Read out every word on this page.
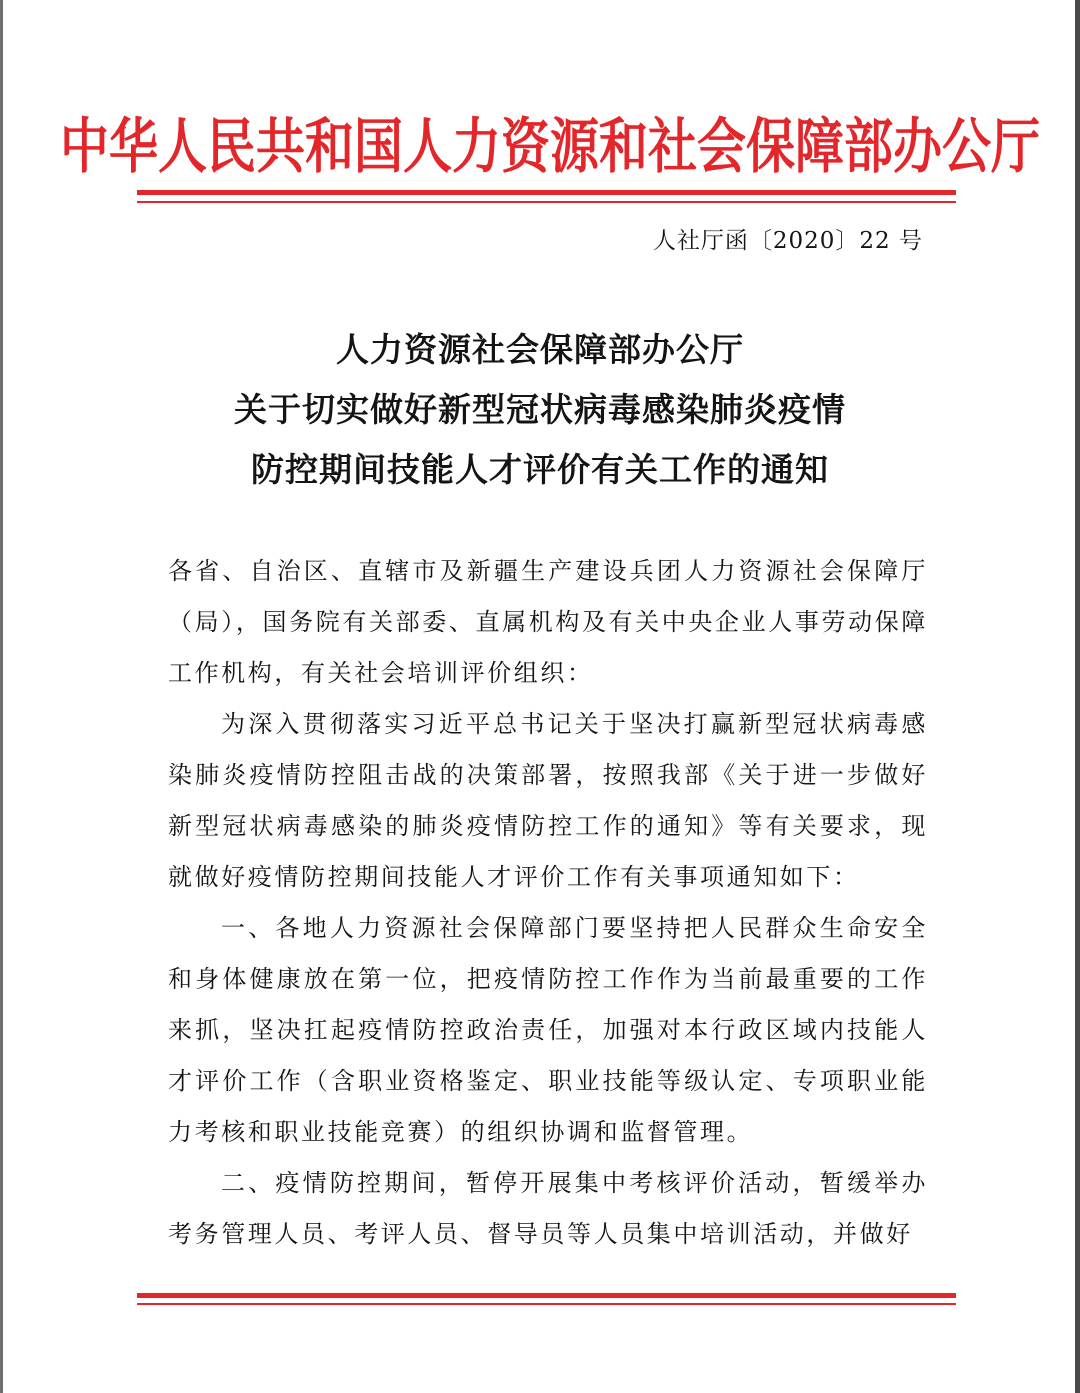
中华人民共和国人力资源和社会保障部办公厅
人社厅函〔2020〕22 号
人力资源社会保障部办公厅
关于切实做好新型冠状病毒感染肺炎疫情
防控期间技能人才评价有关工作的通知

各省、自治区、直辖市及新疆生产建设兵团人力资源社会保障厅（局），国务院有关部委、直属机构及有关中央企业人事劳动保障工作机构，有关社会培训评价组织：

为深入贯彻落实习近平总书记关于坚决打赢新型冠状病毒感染肺炎疫情防控阻击战的决策部署，按照我部《关于进一步做好新型冠状病毒感染的肺炎疫情防控工作的通知》等有关要求，现就做好疫情防控期间技能人才评价工作有关事项通知如下：

一、各地人力资源社会保障部门要坚持把人民群众生命安全和身体健康放在第一位，把疫情防控工作作为当前最重要的工作来抓，坚决扛起疫情防控政治责任，加强对本行政区域内技能人才评价工作（含职业资格鉴定、职业技能等级认定、专项职业能力考核和职业技能竞赛）的组织协调和监督管理。

二、疫情防控期间，暂停开展集中考核评价活动，暂缓举办考务管理人员、考评人员、督导员等人员集中培训活动，并做好
